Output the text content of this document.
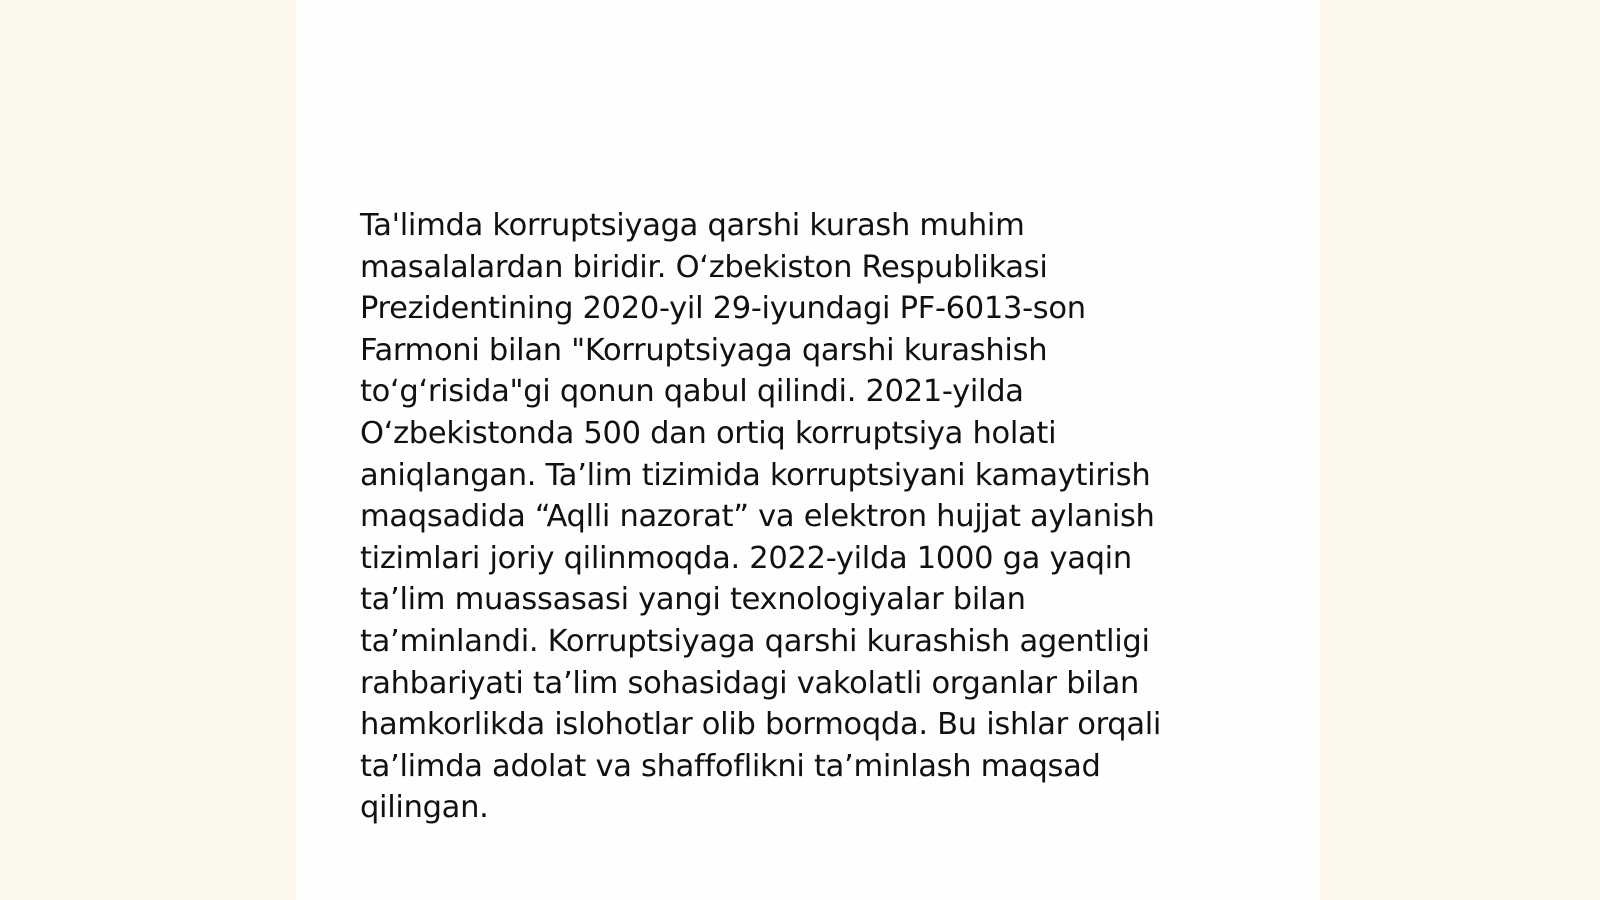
Ta'limda korruptsiyaga qarshi kurash muhim
masalalardan biridir. O‘zbekiston Respublikasi
Prezidentining 2020-yil 29-iyundagi PF-6013-son
Farmoni bilan "Korruptsiyaga qarshi kurashish
to‘g‘risida"gi qonun qabul qilindi. 2021-yilda
O‘zbekistonda 500 dan ortiq korruptsiya holati
aniqlangan. Ta’lim tizimida korruptsiyani kamaytirish
maqsadida “Aqlli nazorat” va elektron hujjat aylanish
tizimlari joriy qilinmoqda. 2022-yilda 1000 ga yaqin
ta’lim muassasasi yangi texnologiyalar bilan
ta’minlandi. Korruptsiyaga qarshi kurashish agentligi
rahbariyati ta’lim sohasidagi vakolatli organlar bilan
hamkorlikda islohotlar olib bormoqda. Bu ishlar orqali
ta’limda adolat va shaffoflikni ta’minlash maqsad
qilingan.
